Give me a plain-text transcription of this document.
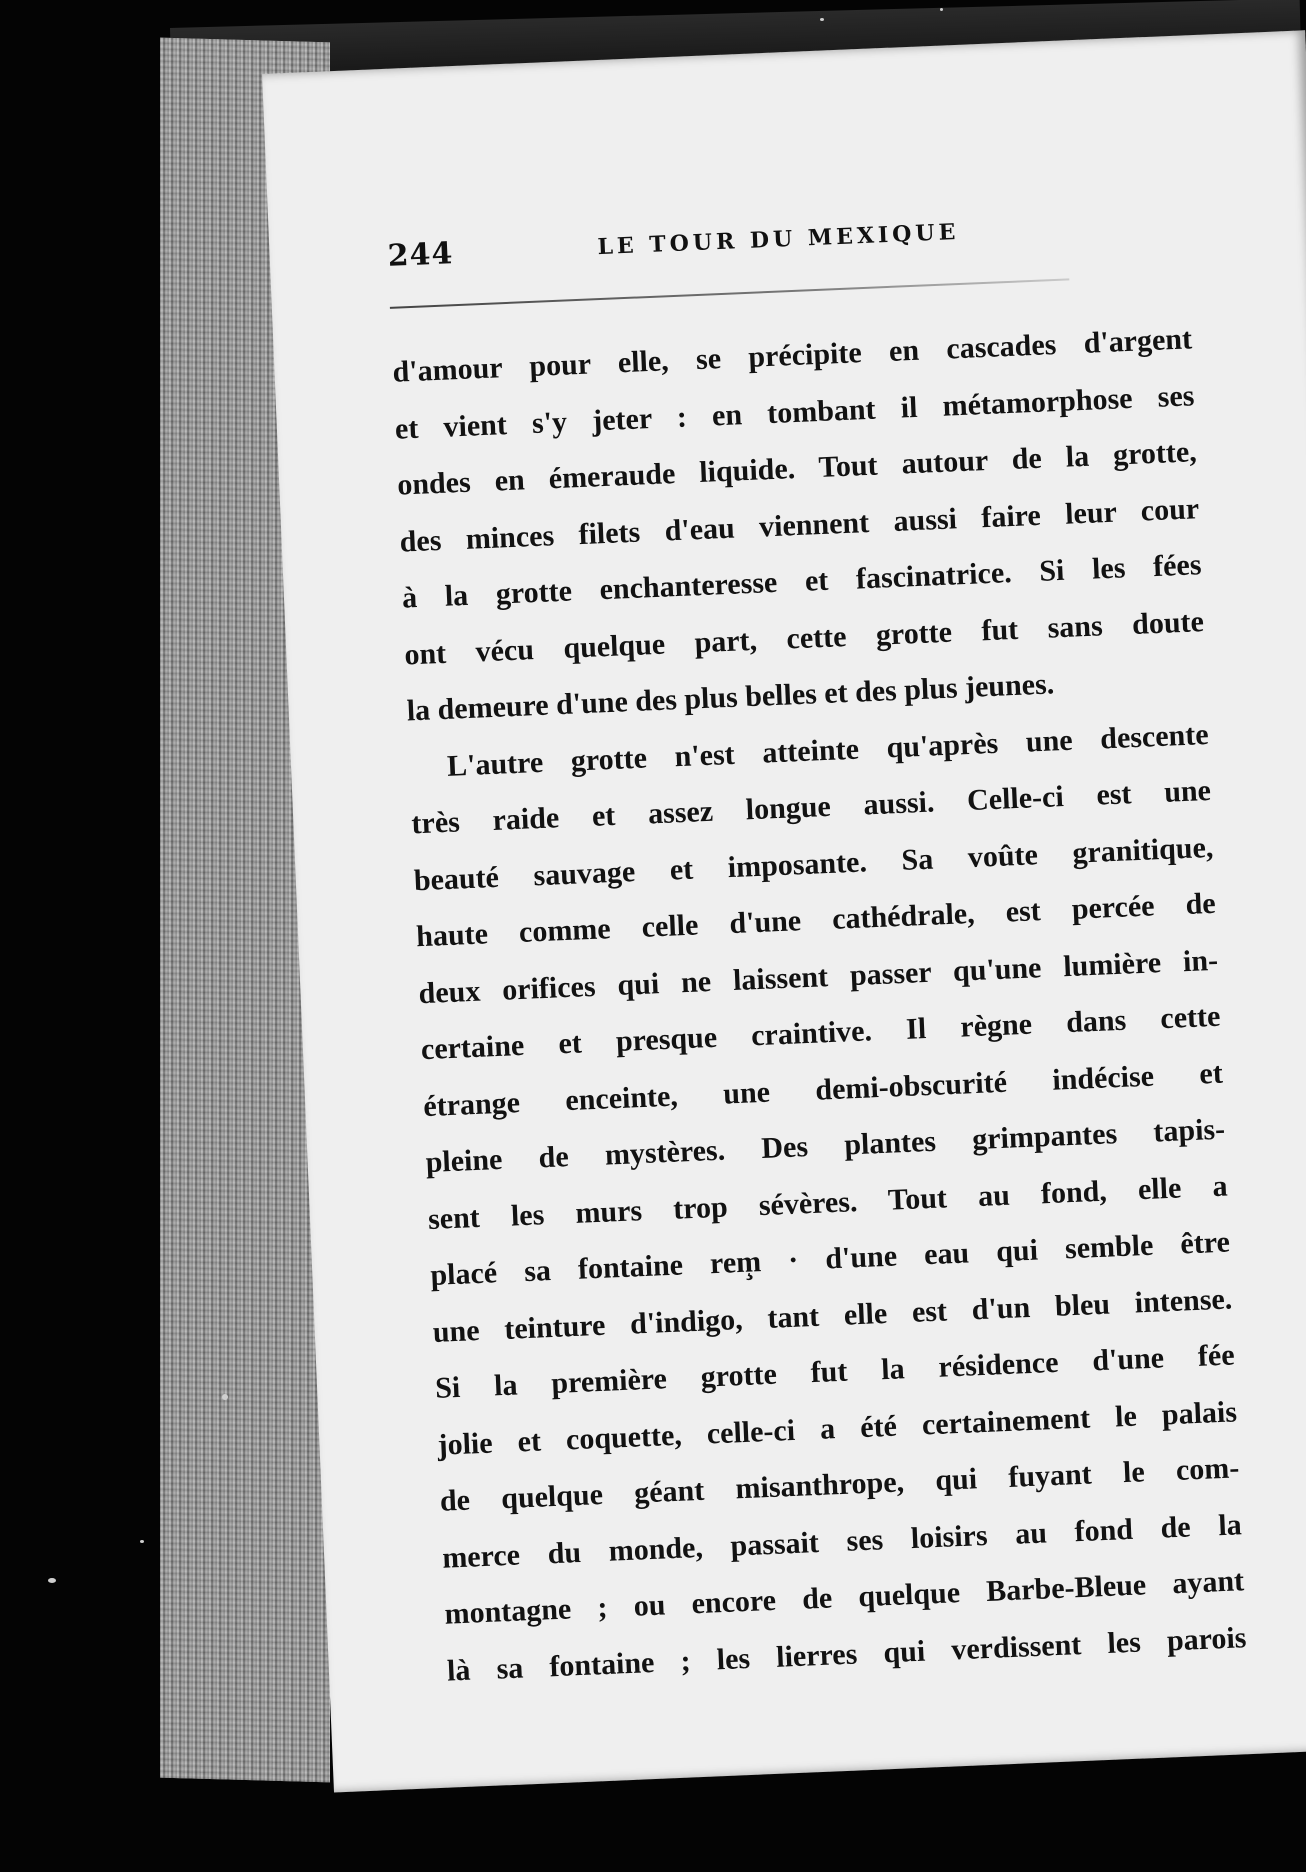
244	LE TOUR DU MEXIQUE
d'amour pour elle, se précipite en cascades d'argent
et vient s'y jeter : en tombant il métamorphose ses
ondes en émeraude liquide. Tout autour de la grotte,
des minces filets d'eau viennent aussi faire leur cour
à la grotte enchanteresse et fascinatrice. Si les fées
ont vécu quelque part, cette grotte fut sans doute
la demeure d'une des plus belles et des plus jeunes.
L'autre grotte n'est atteinte qu'après une descente
très raide et assez longue aussi. Celle-ci est une
beauté sauvage et imposante. Sa voûte granitique,
haute comme celle d'une cathédrale, est percée de
deux orifices qui ne laissent passer qu'une lumière in-
certaine et presque craintive. Il règne dans cette
étrange enceinte, une demi-obscurité indécise et
pleine de mystères. Des plantes grimpantes tapis-
sent les murs trop sévères. Tout au fond, elle a
placé sa fontaine rem̧ · d'une eau qui semble être
une teinture d'indigo, tant elle est d'un bleu intense.
Si la première grotte fut la résidence d'une fée
jolie et coquette, celle-ci a été certainement le palais
de quelque géant misanthrope, qui fuyant le com-
merce du monde, passait ses loisirs au fond de la
montagne ; ou encore de quelque Barbe-Bleue ayant
là sa fontaine ; les lierres qui verdissent les parois
